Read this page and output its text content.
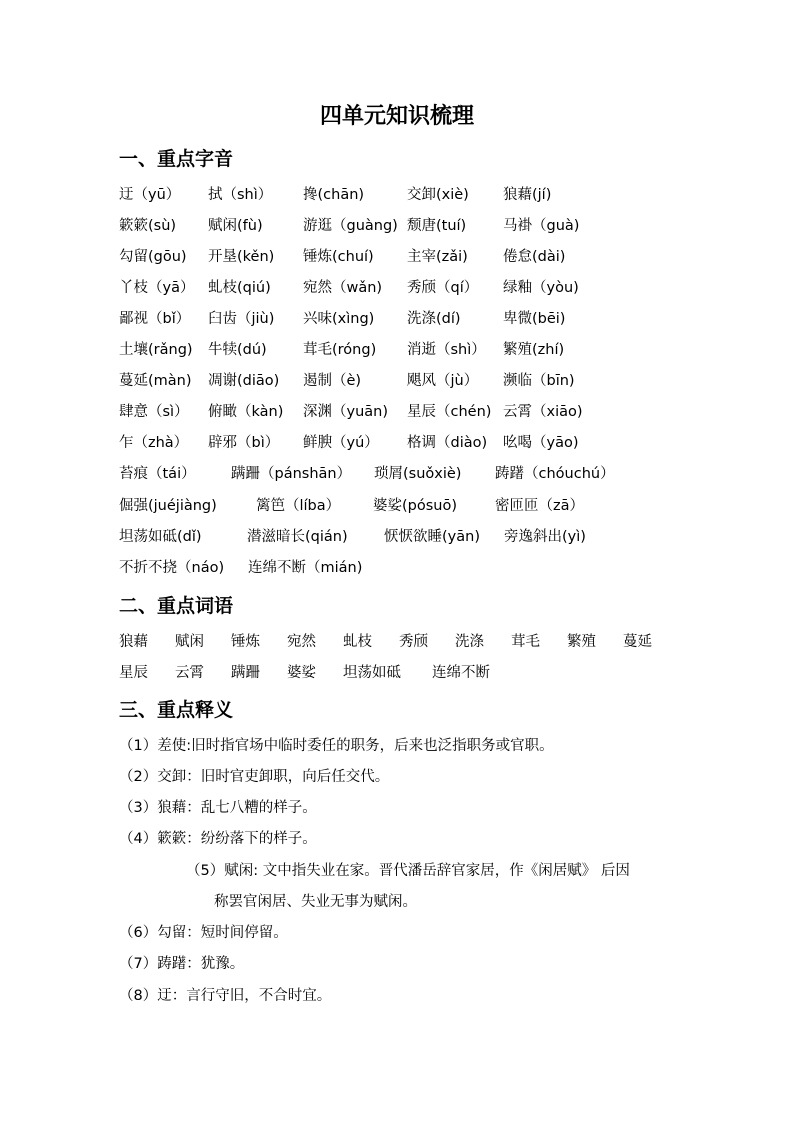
四单元知识梳理
一、重点字音
迂（yū） 拭（shì） 搀(chān)	交卸(xiè) 狼藉(jí)
簌簌(sù) 赋闲(fù)	游逛（guàng) 颓唐(tuí)	马褂（guà)
勾留(gōu) 开垦(kěn) 锤炼(chuí) 主宰(zǎi) 倦怠(dài)
丫枝（yā） 虬枝(qiú) 宛然（wǎn) 秀颀（qí） 绿釉（yòu)
鄙视（bǐ） 臼齿（jiù) 兴味(xìng) 洗涤(dí)	卑微(bēi)
土壤(rǎng) 牛犊(dú)	茸毛(róng) 消逝（shì） 繁殖(zhí)
蔓延(màn) 凋谢(diāo) 遏制（è)	飓风（jù） 濒临（bīn)
肆意（sì） 俯瞰（kàn) 深渊（yuān) 星辰（chén) 云霄（xiāo)
乍（zhà） 辟邪（bì） 鲜腴（yú） 格调（diào) 吆喝（yāo)
苔痕（tái） 蹒跚（pánshān） 琐屑(suǒxiè) 踌躇（chóuchú）
倔强(juéjiàng)	篱笆（líba） 婆娑(pósuō)	密匝匝（zā）
坦荡如砥(dǐ)	潜滋暗长(qián)	恹恹欲睡(yān) 旁逸斜出(yì)
不折不挠（náo) 连绵不断（mián)
二、重点词语
狼藉 赋闲 锤炼 宛然 虬枝 秀颀 洗涤 茸毛 繁殖 蔓延
星辰 云霄 蹒跚 婆娑 坦荡如砥 连绵不断
三、重点释义
（1）差使:旧时指官场中临时委任的职务，后来也泛指职务或官职。
（2）交卸：旧时官吏卸职，向后任交代。
（3）狼藉：乱七八糟的样子。
（4）簌簌：纷纷落下的样子。
（5）赋闲: 文中指失业在家。晋代潘岳辞官家居，作《闲居赋》 后因
称罢官闲居、失业无事为赋闲。
（6）勾留：短时间停留。
（7）踌躇：犹豫。
（8）迂：言行守旧，不合时宜。
